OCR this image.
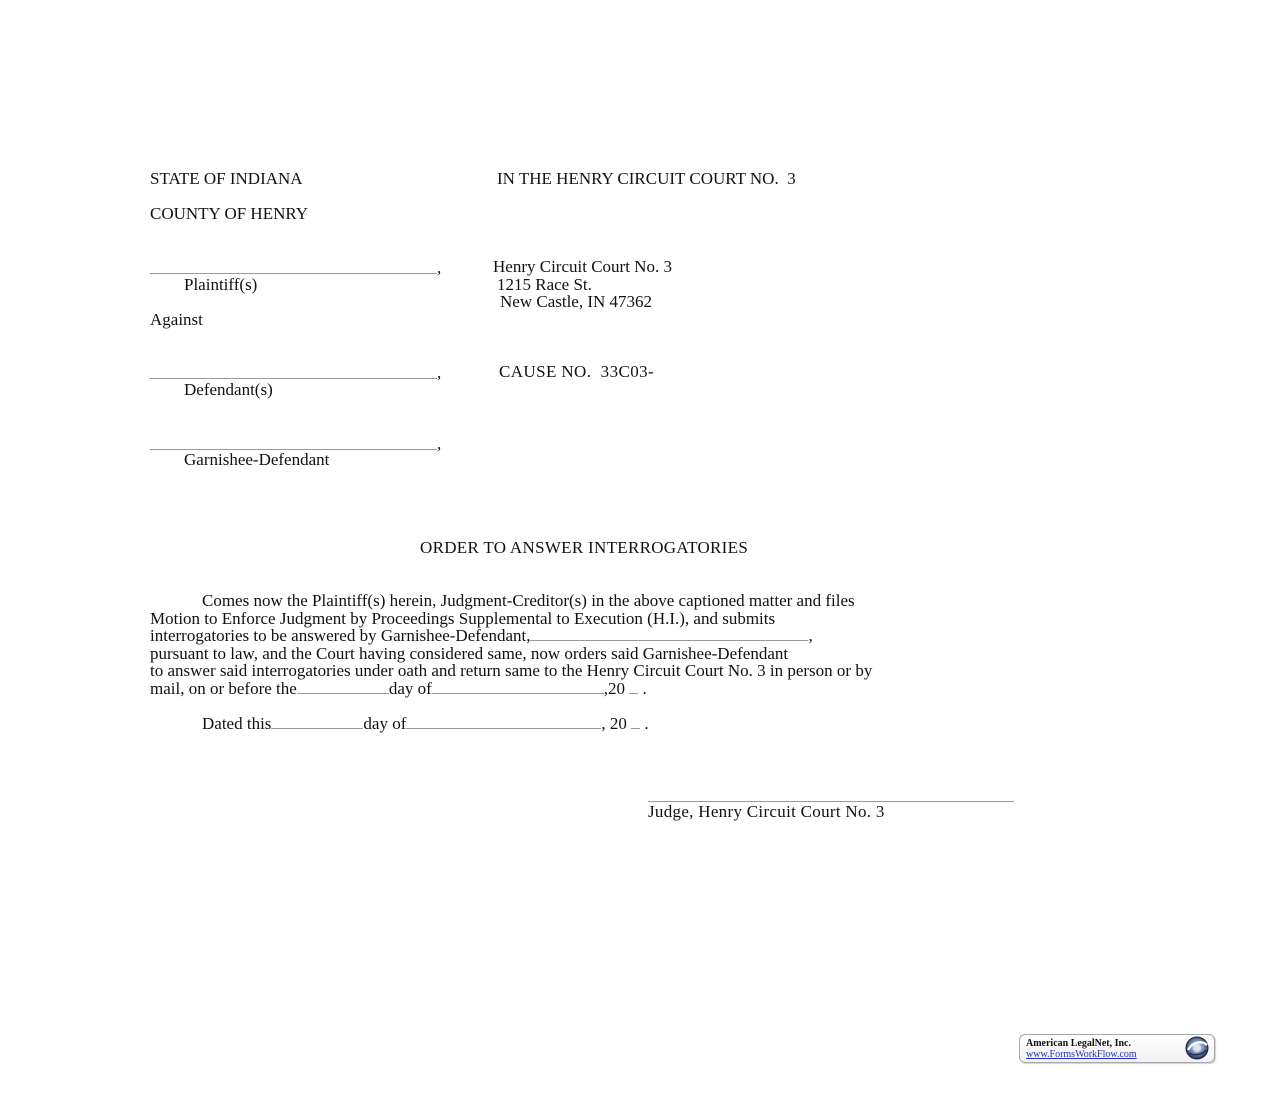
STATE OF INDIANA	IN THE HENRY CIRCUIT COURT NO.  3
COUNTY OF HENRY
,
Plaintiff(s)
Henry Circuit Court No. 3
1215 Race St.
New Castle, IN 47362
Against
,
Defendant(s)
CAUSE NO.  33C03-
,
Garnishee-Defendant
ORDER TO ANSWER INTERROGATORIES
Comes now the Plaintiff(s) herein, Judgment-Creditor(s) in the above captioned matter and files
Motion to Enforce Judgment by Proceedings Supplemental to Execution (H.I.), and submits
interrogatories to be answered by Garnishee-Defendant,	,
pursuant to law, and the Court having considered same, now orders said Garnishee-Defendant
to answer said interrogatories under oath and return same to the Henry Circuit Court No. 3 in person or by
mail, on or before the	day of	,20  .
Dated this	day of	, 20  .
Judge, Henry Circuit Court No. 3
American LegalNet, Inc.
www.FormsWorkFlow.com
